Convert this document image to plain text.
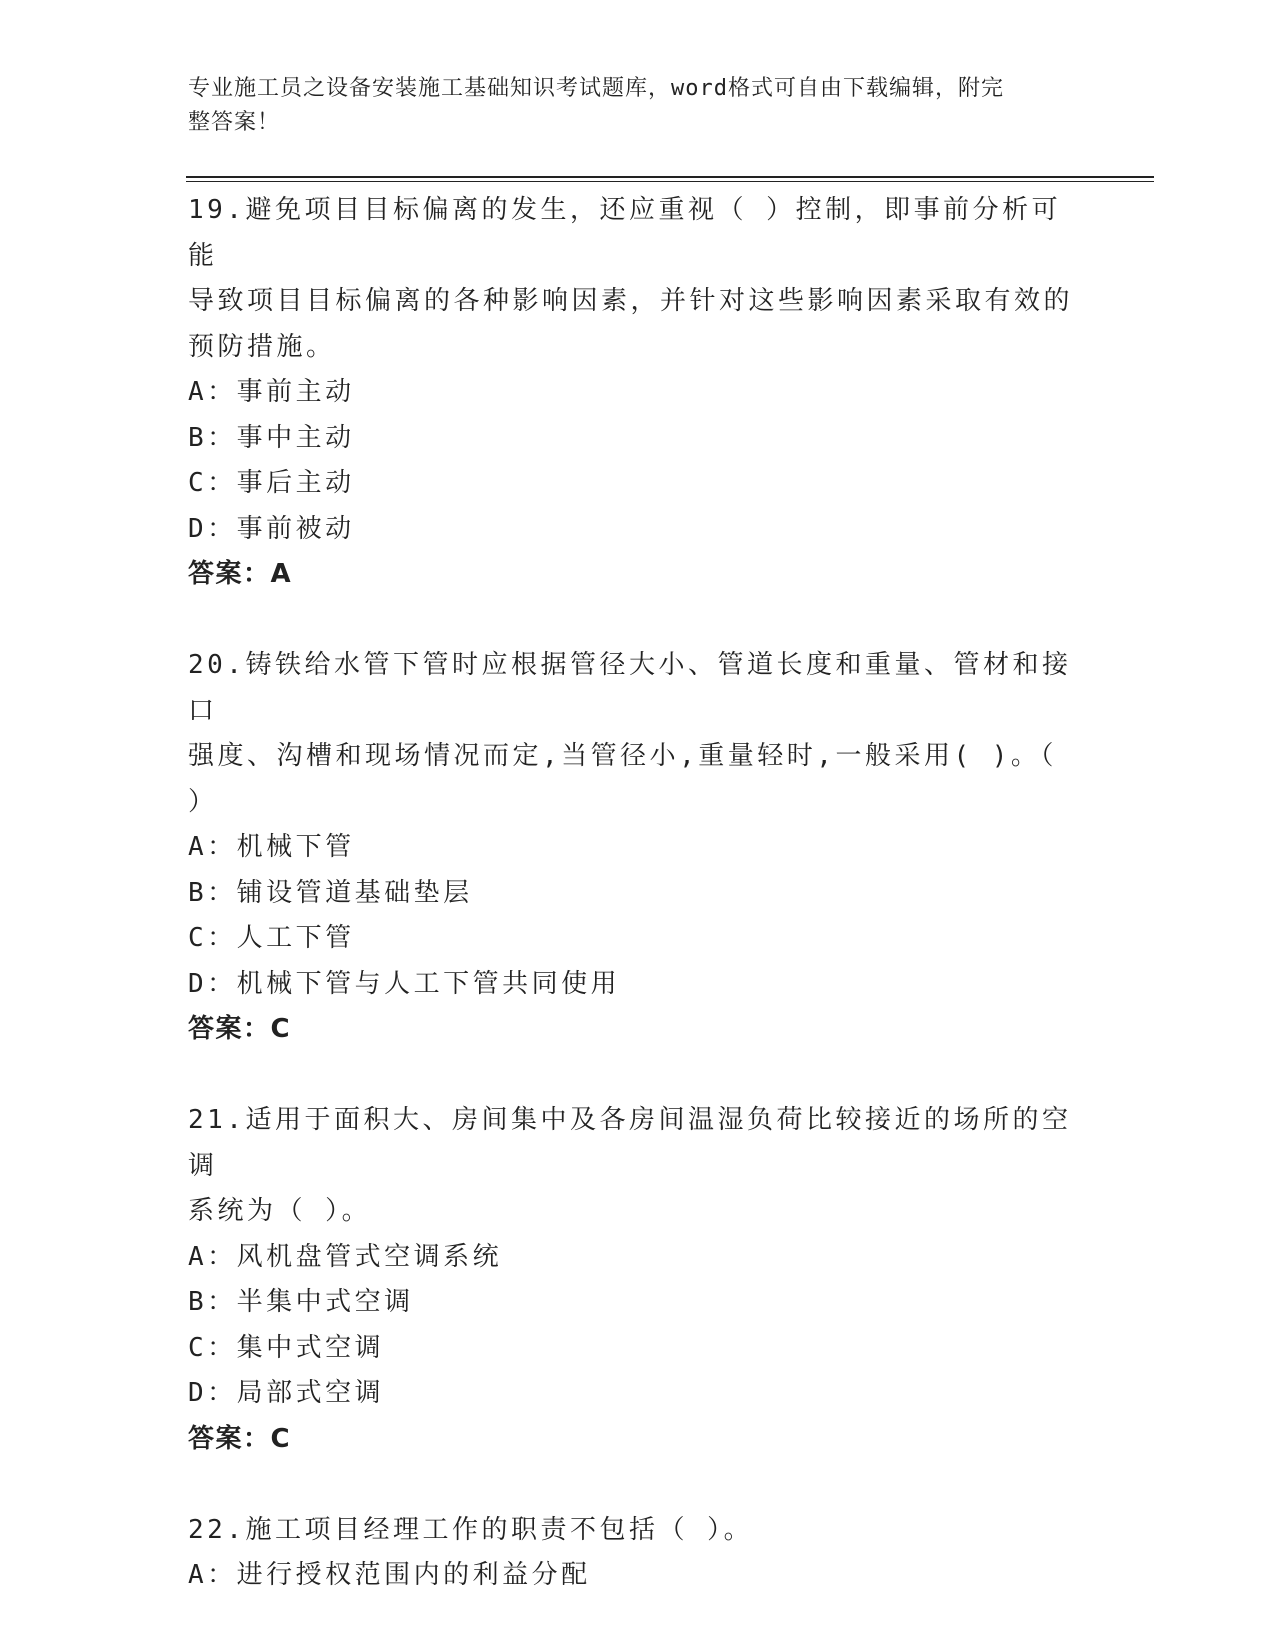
专业施工员之设备安装施工基础知识考试题库，word格式可自由下载编辑，附完
整答案！

19.避免项目目标偏离的发生，还应重视（ ）控制，即事前分析可能

导致项目目标偏离的各种影响因素，并针对这些影响因素采取有效的

预防措施。

A：事前主动

B：事中主动

C：事后主动

D：事前被动

答案：A

20.铸铁给水管下管时应根据管径大小、管道长度和重量、管材和接口

强度、沟槽和现场情况而定,当管径小,重量轻时,一般采用( )。（

）

A：机械下管

B：铺设管道基础垫层

C：人工下管

D：机械下管与人工下管共同使用

答案：C

21.适用于面积大、房间集中及各房间温湿负荷比较接近的场所的空调

系统为（ ）。

A：风机盘管式空调系统

B：半集中式空调

C：集中式空调

D：局部式空调

答案：C

22.施工项目经理工作的职责不包括（ ）。

A：进行授权范围内的利益分配
